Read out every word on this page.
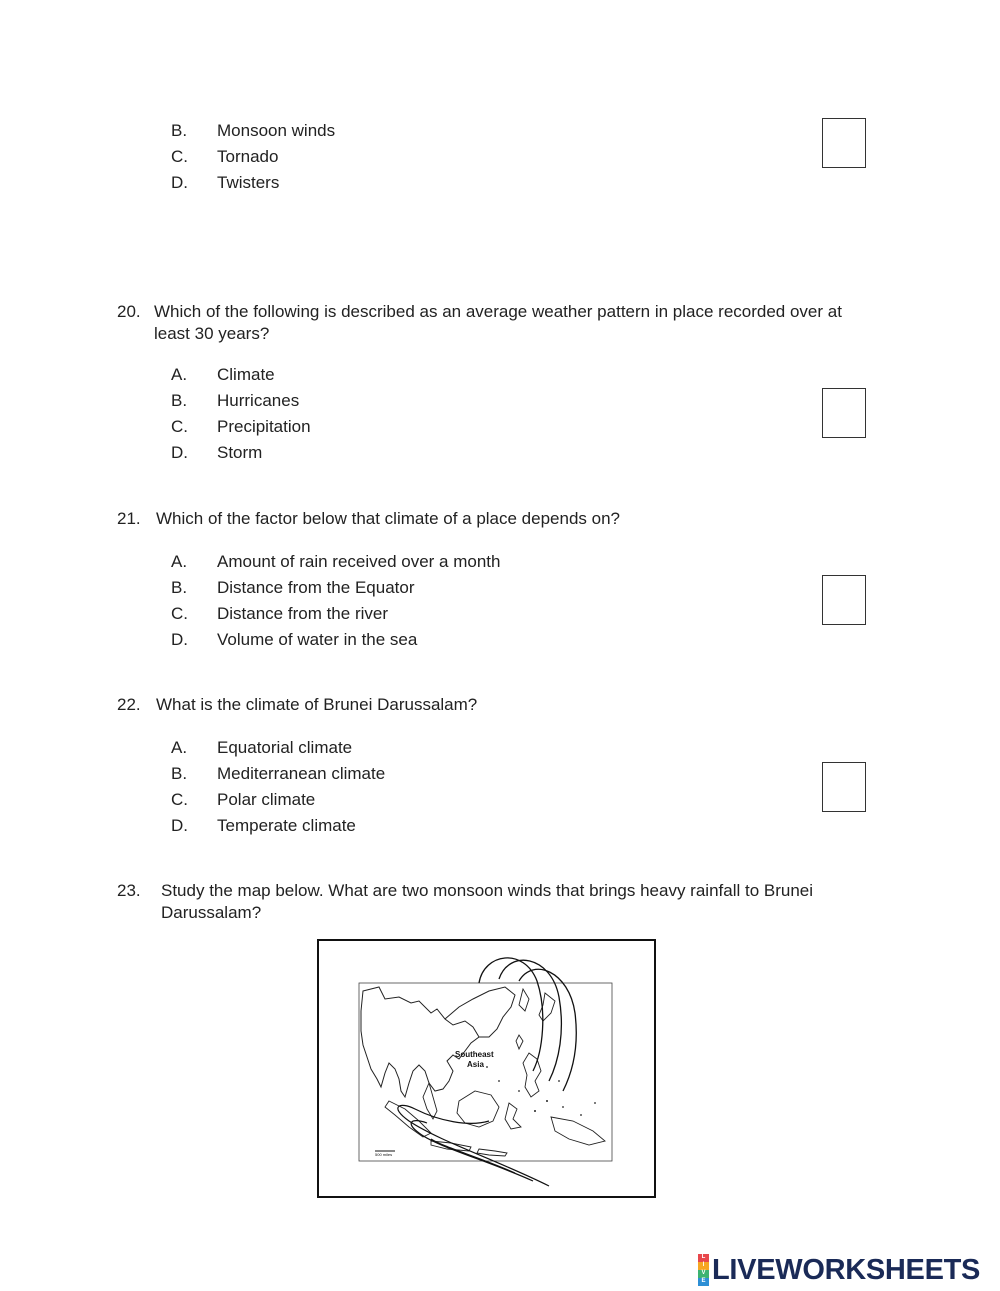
B. Monsoon winds
C. Tornado
D. Twisters
20. Which of the following is described as an average weather pattern in place recorded over at
least 30 years?
A. Climate
B. Hurricanes
C. Precipitation
D. Storm
21. Which of the factor below that climate of a place depends on?
A. Amount of rain received over a month
B. Distance from the Equator
C. Distance from the river
D. Volume of water in the sea
22. What is the climate of Brunei Darussalam?
A. Equatorial climate
B. Mediterranean climate
C. Polar climate
D. Temperate climate
23. Study the map below. What are two monsoon winds that brings heavy rainfall to Brunei
Darussalam?
Southeast
Asia
500 miles
L
I
V
E LIVEWORKSHEETS
